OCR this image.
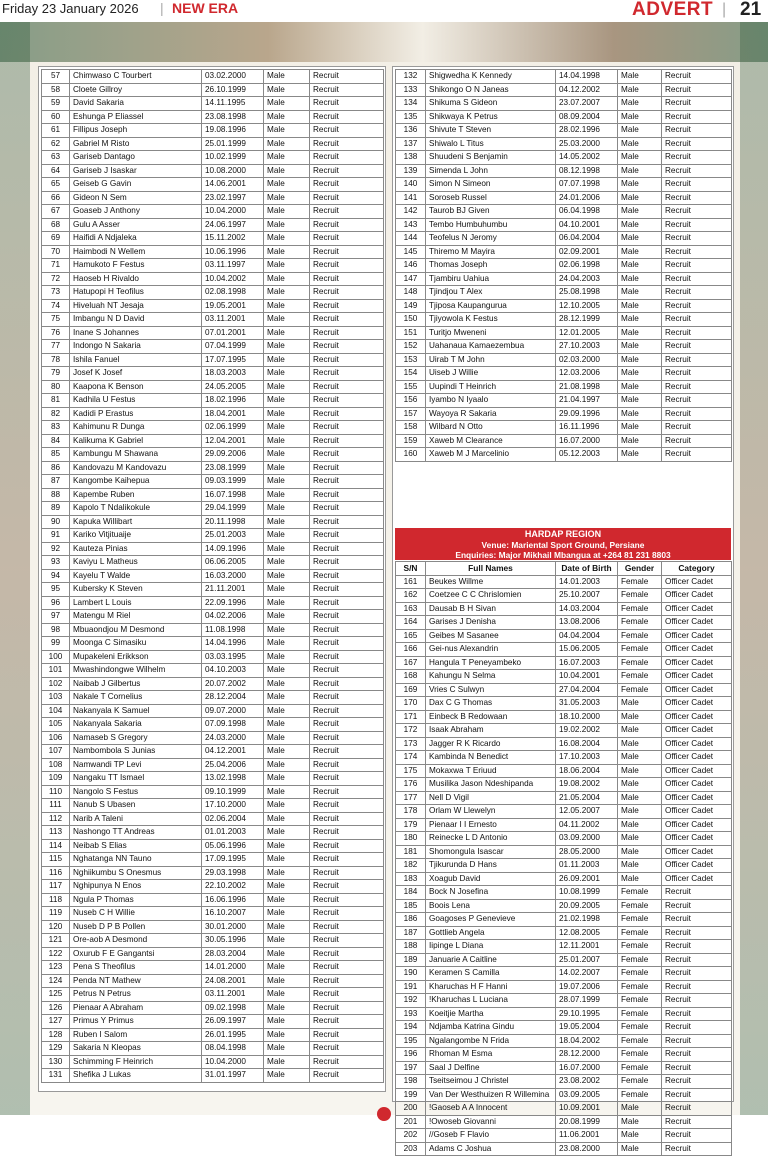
Friday 23 January 2026 | NEW ERA	ADVERT | 21
57	Chimwaso C Tourbert	03.02.2000	Male	Recruit
58	Cloete Gillroy	26.10.1999	Male	Recruit
59	David Sakaria	14.11.1995	Male	Recruit
60	Eshunga P Eliassel	23.08.1998	Male	Recruit
61	Fillipus Joseph	19.08.1996	Male	Recruit
62	Gabriel M Risto	25.01.1999	Male	Recruit
63	Gariseb Dantago	10.02.1999	Male	Recruit
64	Gariseb J Isaskar	10.08.2000	Male	Recruit
65	Geiseb G Gavin	14.06.2001	Male	Recruit
66	Gideon N Sem	23.02.1997	Male	Recruit
67	Goaseb J Anthony	10.04.2000	Male	Recruit
68	Gulu A Asser	24.06.1997	Male	Recruit
69	Haifidi A Ndjaleka	15.11.2002	Male	Recruit
70	Haimbodi N Wellem	10.06.1996	Male	Recruit
71	Hamukoto F Festus	03.11.1997	Male	Recruit
72	Haoseb H Rivaldo	10.04.2002	Male	Recruit
73	Hatupopi H Teofilus	02.08.1998	Male	Recruit
74	Hiveluah NT Jesaja	19.05.2001	Male	Recruit
75	Imbangu N D David	03.11.2001	Male	Recruit
76	Inane S Johannes	07.01.2001	Male	Recruit
77	Indongo N Sakaria	07.04.1999	Male	Recruit
78	Ishila Fanuel	17.07.1995	Male	Recruit
79	Josef K Josef	18.03.2003	Male	Recruit
80	Kaapona K Benson	24.05.2005	Male	Recruit
81	Kadhila U Festus	18.02.1996	Male	Recruit
82	Kadidi P Erastus	18.04.2001	Male	Recruit
83	Kahimunu R Dunga	02.06.1999	Male	Recruit
84	Kalikuma K Gabriel	12.04.2001	Male	Recruit
85	Kambungu M Shawana	29.09.2006	Male	Recruit
86	Kandovazu M Kandovazu	23.08.1999	Male	Recruit
87	Kangombe Kaihepua	09.03.1999	Male	Recruit
88	Kapembe Ruben	16.07.1998	Male	Recruit
89	Kapolo T Ndalikokule	29.04.1999	Male	Recruit
90	Kapuka Willibart	20.11.1998	Male	Recruit
91	Kariko Vitjituaije	25.01.2003	Male	Recruit
92	Kauteza Pinias	14.09.1996	Male	Recruit
93	Kaviyu L Matheus	06.06.2005	Male	Recruit
94	Kayelu T Walde	16.03.2000	Male	Recruit
95	Kubersky K Steven	21.11.2001	Male	Recruit
96	Lambert L Louis	22.09.1996	Male	Recruit
97	Matengu M Riel	04.02.2006	Male	Recruit
98	Mbuaondjou M Desmond	11.08.1998	Male	Recruit
99	Moonga C Simasiku	14.04.1996	Male	Recruit
100	Mupakeleni Erikkson	03.03.1995	Male	Recruit
101	Mwashindongwe Wilhelm	04.10.2003	Male	Recruit
102	Naibab J Gilbertus	20.07.2002	Male	Recruit
103	Nakale T Cornelius	28.12.2004	Male	Recruit
104	Nakanyala K Samuel	09.07.2000	Male	Recruit
105	Nakanyala Sakaria	07.09.1998	Male	Recruit
106	Namaseb S Gregory	24.03.2000	Male	Recruit
107	Nambombola S Junias	04.12.2001	Male	Recruit
108	Namwandi TP Levi	25.04.2006	Male	Recruit
109	Nangaku TT Ismael	13.02.1998	Male	Recruit
110	Nangolo S Festus	09.10.1999	Male	Recruit
111	Nanub S Ubasen	17.10.2000	Male	Recruit
112	Narib A Taleni	02.06.2004	Male	Recruit
113	Nashongo TT Andreas	01.01.2003	Male	Recruit
114	Neibab S Elias	05.06.1996	Male	Recruit
115	Nghatanga NN Tauno	17.09.1995	Male	Recruit
116	Nghiikumbu S Onesmus	29.03.1998	Male	Recruit
117	Nghipunya N Enos	22.10.2002	Male	Recruit
118	Ngula P Thomas	16.06.1996	Male	Recruit
119	Nuseb C H Willie	16.10.2007	Male	Recruit
120	Nuseb D P B Pollen	30.01.2000	Male	Recruit
121	Ore-aob A Desmond	30.05.1996	Male	Recruit
122	Oxurub F E Gangantsi	28.03.2004	Male	Recruit
123	Pena S Theofilus	14.01.2000	Male	Recruit
124	Penda NT Mathew	24.08.2001	Male	Recruit
125	Petrus N Petrus	03.11.2001	Male	Recruit
126	Pienaar A Abraham	09.02.1998	Male	Recruit
127	Primus Y Primus	26.09.1997	Male	Recruit
128	Ruben I Salom	26.01.1995	Male	Recruit
129	Sakaria N Kleopas	08.04.1998	Male	Recruit
130	Schimming F Heinrich	10.04.2000	Male	Recruit
131	Shefika J Lukas	31.01.1997	Male	Recruit
132	Shigwedha K Kennedy	14.04.1998	Male	Recruit
133	Shikongo O N Janeas	04.12.2002	Male	Recruit
134	Shikuma S Gideon	23.07.2007	Male	Recruit
135	Shikwaya K Petrus	08.09.2004	Male	Recruit
136	Shivute T Steven	28.02.1996	Male	Recruit
137	Shiwalo L Titus	25.03.2000	Male	Recruit
138	Shuudeni S Benjamin	14.05.2002	Male	Recruit
139	Simenda L John	08.12.1998	Male	Recruit
140	Simon N Simeon	07.07.1998	Male	Recruit
141	Soroseb Russel	24.01.2006	Male	Recruit
142	Taurob BJ Given	06.04.1998	Male	Recruit
143	Tembo Humbuhumbu	04.10.2001	Male	Recruit
144	Teofelus N Jeromy	06.04.2004	Male	Recruit
145	Thiremo M Mayira	02.09.2001	Male	Recruit
146	Thomas Joseph	02.06.1998	Male	Recruit
147	Tjambiru Uahiua	24.04.2003	Male	Recruit
148	Tjindjou T Alex	25.08.1998	Male	Recruit
149	Tjiposa Kaupangurua	12.10.2005	Male	Recruit
150	Tjiyowola K Festus	28.12.1999	Male	Recruit
151	Turitjo Mweneni	12.01.2005	Male	Recruit
152	Uahanaua Kamaezembua	27.10.2003	Male	Recruit
153	Uirab T M John	02.03.2000	Male	Recruit
154	Uiseb J Willie	12.03.2006	Male	Recruit
155	Uupindi T Heinrich	21.08.1998	Male	Recruit
156	Iyambo N Iyaalo	21.04.1997	Male	Recruit
157	Wayoya R Sakaria	29.09.1996	Male	Recruit
158	Wilbard N Otto	16.11.1996	Male	Recruit
159	Xaweb M Clearance	16.07.2000	Male	Recruit
160	Xaweb M J Marcelinio	05.12.2003	Male	Recruit
HARDAP REGION
Venue: Mariental Sport Ground, Persiane
Enquiries: Major Mikhail Mbangua at +264 81 231 8803
S/N	Full Names	Date of Birth	Gender	Category
161	Beukes Willme	14.01.2003	Female	Officer Cadet
162	Coetzee C C Chrislomien	25.10.2007	Female	Officer Cadet
163	Dausab B H Sivan	14.03.2004	Female	Officer Cadet
164	Garises J Denisha	13.08.2006	Female	Officer Cadet
165	Geibes M Sasanee	04.04.2004	Female	Officer Cadet
166	Gei-nus Alexandrin	15.06.2005	Female	Officer Cadet
167	Hangula T Peneyambeko	16.07.2003	Female	Officer Cadet
168	Kahungu N Selma	10.04.2001	Female	Officer Cadet
169	Vries C Sulwyn	27.04.2004	Female	Officer Cadet
170	Dax C G Thomas	31.05.2003	Male	Officer Cadet
171	Einbeck B Redowaan	18.10.2000	Male	Officer Cadet
172	Isaak Abraham	19.02.2002	Male	Officer Cadet
173	Jagger R K Ricardo	16.08.2004	Male	Officer Cadet
174	Kambinda N Benedict	17.10.2003	Male	Officer Cadet
175	Mokaxwa T Eriuud	18.06.2004	Male	Officer Cadet
176	Musilika Jason Ndeshipanda	19.08.2002	Male	Officer Cadet
177	Nell D Vigil	21.05.2004	Male	Officer Cadet
178	Orlam W Llewelyn	12.05.2007	Male	Officer Cadet
179	Pienaar I I Ernesto	04.11.2002	Male	Officer Cadet
180	Reinecke L D Antonio	03.09.2000	Male	Officer Cadet
181	Shomongula Isascar	28.05.2000	Male	Officer Cadet
182	Tjikurunda D Hans	01.11.2003	Male	Officer Cadet
183	Xoagub David	26.09.2001	Male	Officer Cadet
184	Bock N Josefina	10.08.1999	Female	Recruit
185	Boois Lena	20.09.2005	Female	Recruit
186	Goagoses P Genevieve	21.02.1998	Female	Recruit
187	Gottlieb Angela	12.08.2005	Female	Recruit
188	Iipinge L Diana	12.11.2001	Female	Recruit
189	Januarie A Caitline	25.01.2007	Female	Recruit
190	Keramen S Camilla	14.02.2007	Female	Recruit
191	Kharuchas H F Hanni	19.07.2006	Female	Recruit
192	!Kharuchas L Luciana	28.07.1999	Female	Recruit
193	Koeitjie Martha	29.10.1995	Female	Recruit
194	Ndjamba Katrina Gindu	19.05.2004	Female	Recruit
195	Ngalangombe N Frida	18.04.2002	Female	Recruit
196	Rhoman M Esma	28.12.2000	Female	Recruit
197	Saal J Delfine	16.07.2000	Female	Recruit
198	Tseitseimou J Christel	23.08.2002	Female	Recruit
199	Van Der Westhuizen R Willemina	03.09.2005	Female	Recruit
200	!Gaoseb A A Innocent	10.09.2001	Male	Recruit
201	!Owoseb Giovanni	20.08.1999	Male	Recruit
202	//Goseb F Flavio	11.06.2001	Male	Recruit
203	Adams C Joshua	23.08.2000	Male	Recruit
